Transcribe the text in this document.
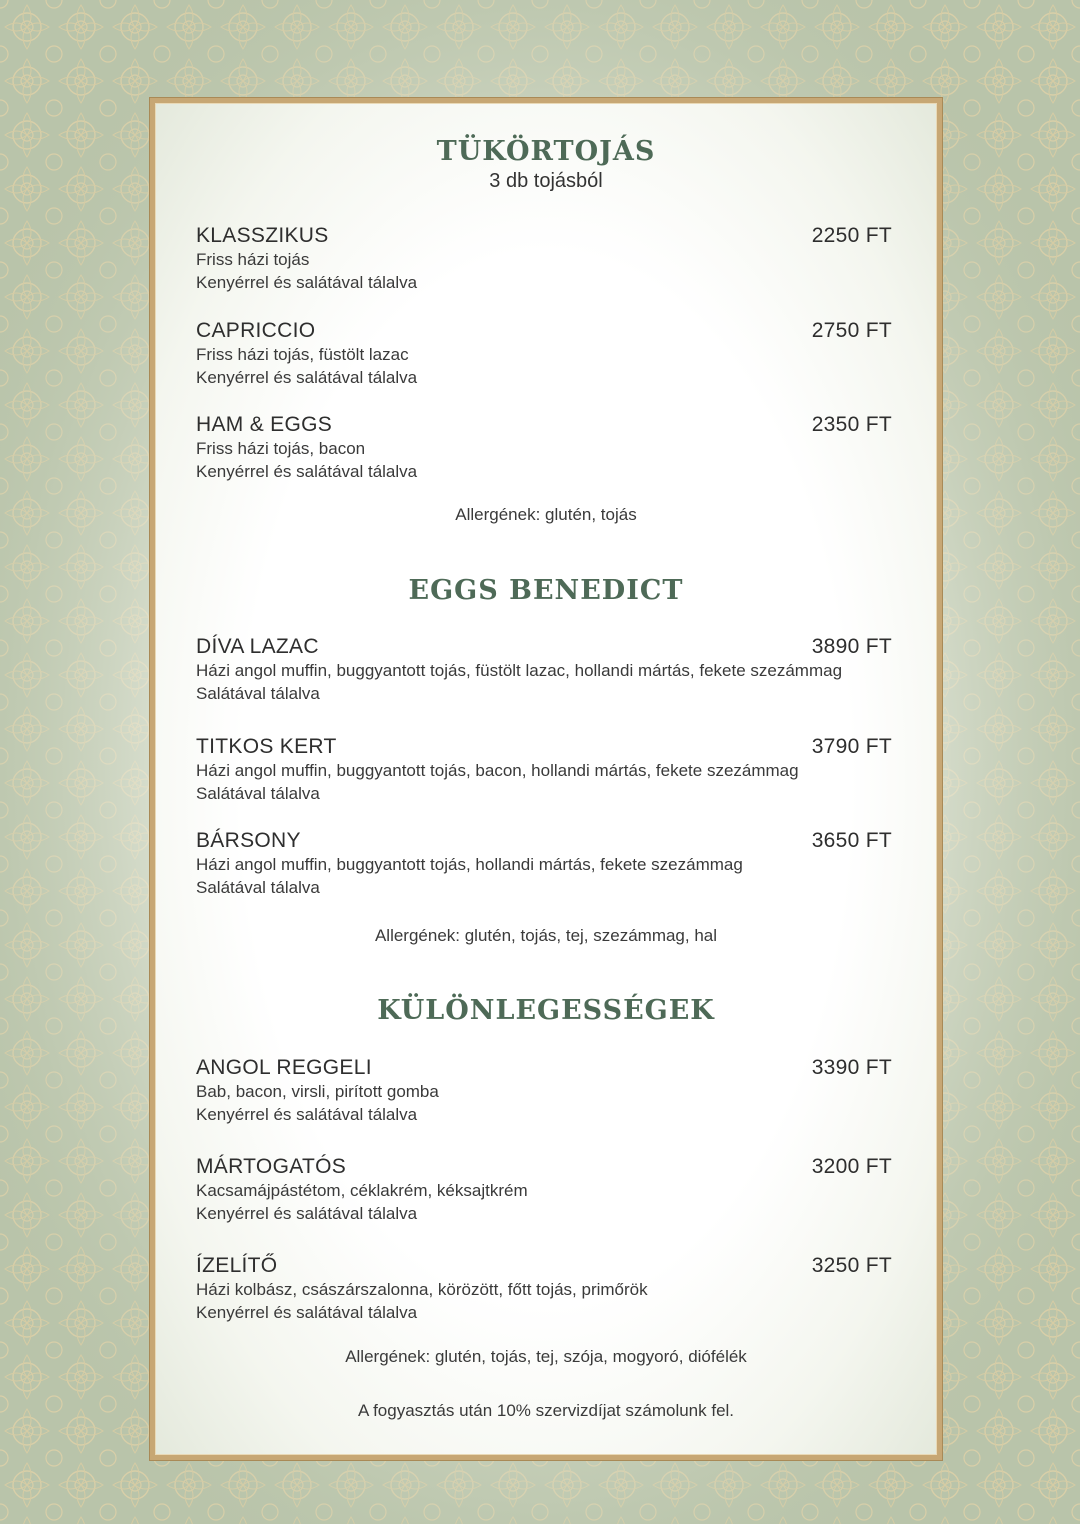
TÜKÖRTOJÁS
3 db tojásból
KLASSZIKUS	2250 FT
Friss házi tojás
Kenyérrel és salátával tálalva
CAPRICCIO	2750 FT
Friss házi tojás, füstölt lazac
Kenyérrel és salátával tálalva
HAM & EGGS	2350 FT
Friss házi tojás, bacon
Kenyérrel és salátával tálalva
Allergének: glutén, tojás
EGGS BENEDICT
DÍVA LAZAC	3890 FT
Házi angol muffin, buggyantott tojás, füstölt lazac, hollandi mártás, fekete szezámmag
Salátával tálalva
TITKOS KERT	3790 FT
Házi angol muffin, buggyantott tojás, bacon, hollandi mártás, fekete szezámmag
Salátával tálalva
BÁRSONY	3650 FT
Házi angol muffin, buggyantott tojás, hollandi mártás, fekete szezámmag
Salátával tálalva
Allergének: glutén, tojás, tej, szezámmag, hal
KÜLÖNLEGESSÉGEK
ANGOL REGGELI	3390 FT
Bab, bacon, virsli, pirított gomba
Kenyérrel és salátával tálalva
MÁRTOGATÓS	3200 FT
Kacsamájpástétom, céklakrém, kéksajtkrém
Kenyérrel és salátával tálalva
ÍZELÍTŐ	3250 FT
Házi kolbász, császárszalonna, körözött, főtt tojás, primőrök
Kenyérrel és salátával tálalva
Allergének: glutén, tojás, tej, szója, mogyoró, diófélék
A fogyasztás után 10% szervizdíjat számolunk fel.
